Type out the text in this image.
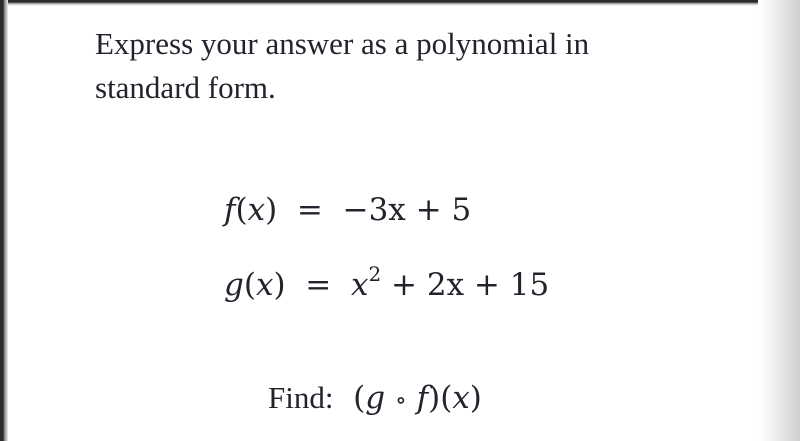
Express your answer as a polynomial in standard form.
f(x)  =  −3x + 5
$g(x) = x^2 + 2x + 15$
Find:  (g ∘ f)(x)
